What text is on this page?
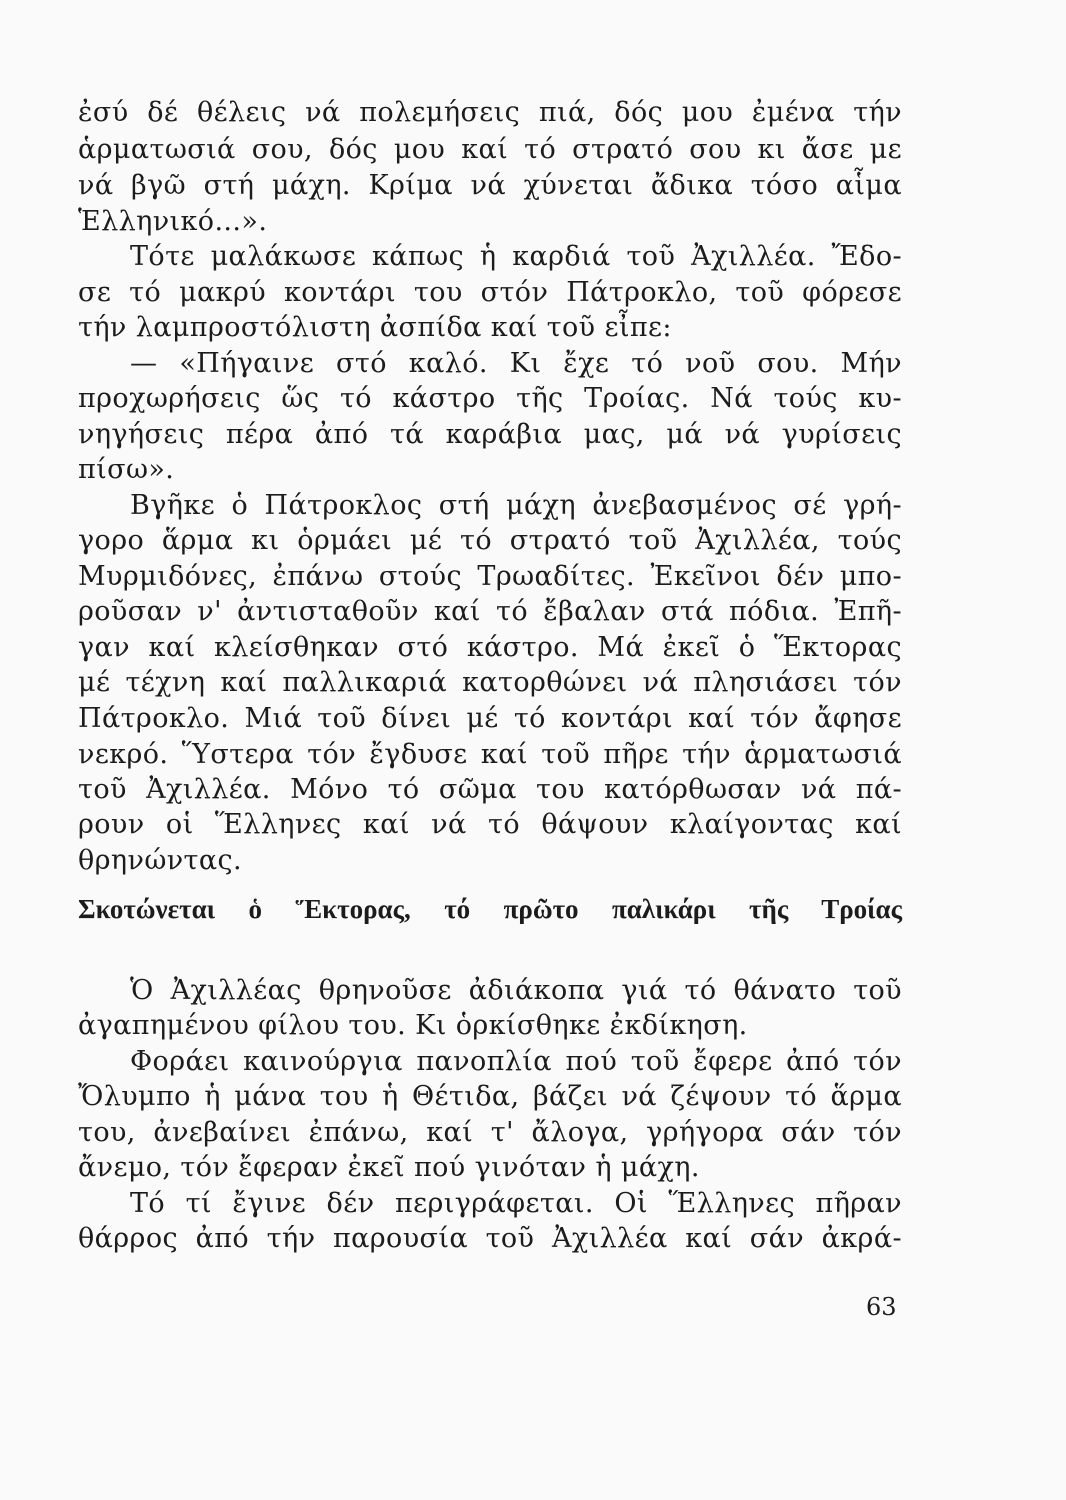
ἐσύ δέ θέλεις νά πολεμήσεις πιά, δός μου ἐμένα τήν
ἁρματωσιά σου, δός μου καί τό στρατό σου κι ἄσε με
νά βγῶ στή μάχη. Κρίμα νά χύνεται ἄδικα τόσο αἷμα
Ἑλληνικό...».
Τότε μαλάκωσε κάπως ἡ καρδιά τοῦ Ἀχιλλέα. Ἔδο-
σε τό μακρύ κοντάρι του στόν Πάτροκλο, τοῦ φόρεσε
τήν λαμπροστόλιστη ἀσπίδα καί τοῦ εἶπε:
— «Πήγαινε στό καλό. Κι ἔχε τό νοῦ σου. Μήν
προχωρήσεις ὥς τό κάστρο τῆς Τροίας. Νά τούς κυ-
νηγήσεις πέρα ἀπό τά καράβια μας, μά νά γυρίσεις
πίσω».
Βγῆκε ὁ Πάτροκλος στή μάχη ἀνεβασμένος σέ γρή-
γορο ἅρμα κι ὁρμάει μέ τό στρατό τοῦ Ἀχιλλέα, τούς
Μυρμιδόνες, ἐπάνω στούς Τρωαδίτες. Ἐκεῖνοι δέν μπο-
ροῦσαν ν' ἀντισταθοῦν καί τό ἔβαλαν στά πόδια. Ἐπῆ-
γαν καί κλείσθηκαν στό κάστρο. Μά ἐκεῖ ὁ Ἕκτορας
μέ τέχνη καί παλλικαριά κατορθώνει νά πλησιάσει τόν
Πάτροκλο. Μιά τοῦ δίνει μέ τό κοντάρι καί τόν ἄφησε
νεκρό. Ὕστερα τόν ἔγδυσε καί τοῦ πῆρε τήν ἁρματωσιά
τοῦ Ἀχιλλέα. Μόνο τό σῶμα του κατόρθωσαν νά πά-
ρουν οἱ Ἕλληνες καί νά τό θάψουν κλαίγοντας καί
θρηνώντας.
Σκοτώνεται ὁ Ἕκτορας, τό πρῶτο παλικάρι τῆς Τροίας
Ὁ Ἀχιλλέας θρηνοῦσε ἀδιάκοπα γιά τό θάνατο τοῦ
ἀγαπημένου φίλου του. Κι ὁρκίσθηκε ἐκδίκηση.
Φοράει καινούργια πανοπλία πού τοῦ ἔφερε ἀπό τόν
Ὄλυμπο ἡ μάνα του ἡ Θέτιδα, βάζει νά ζέψουν τό ἅρμα
του, ἀνεβαίνει ἐπάνω, καί τ' ἄλογα, γρήγορα σάν τόν
ἄνεμο, τόν ἔφεραν ἐκεῖ πού γινόταν ἡ μάχη.
Τό τί ἔγινε δέν περιγράφεται. Οἱ Ἕλληνες πῆραν
θάρρος ἀπό τήν παρουσία τοῦ Ἀχιλλέα καί σάν ἀκρά-
63
